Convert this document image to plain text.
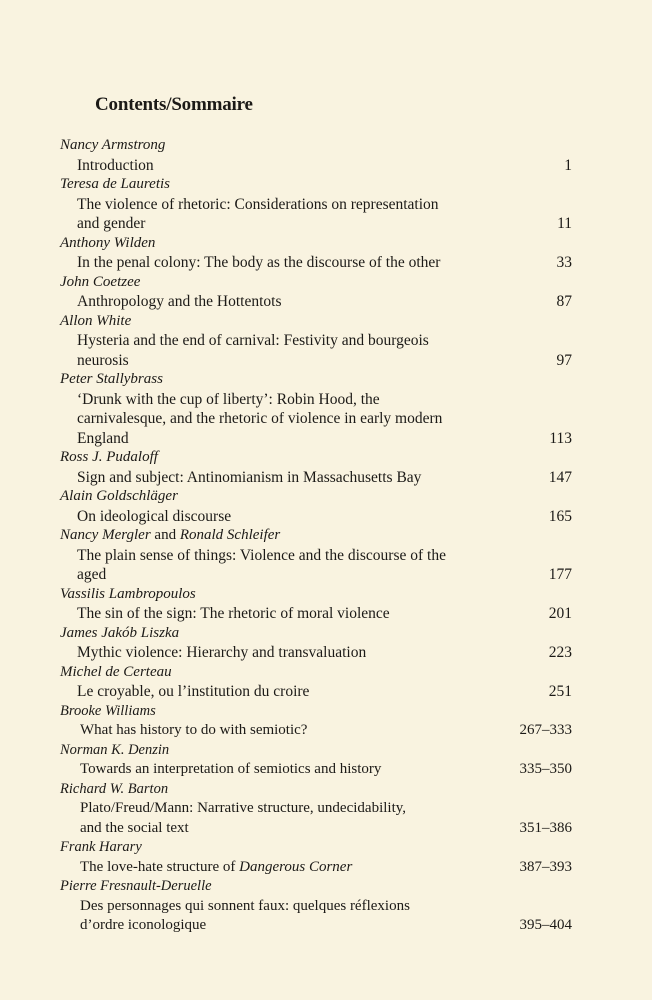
Contents/Sommaire
Nancy Armstrong
Introduction	1
Teresa de Lauretis
The violence of rhetoric: Considerations on representation
and gender	11
Anthony Wilden
In the penal colony: The body as the discourse of the other	33
John Coetzee
Anthropology and the Hottentots	87
Allon White
Hysteria and the end of carnival: Festivity and bourgeois
neurosis	97
Peter Stallybrass
‘Drunk with the cup of liberty’: Robin Hood, the
carnivalesque, and the rhetoric of violence in early modern
England	113
Ross J. Pudaloff
Sign and subject: Antinomianism in Massachusetts Bay	147
Alain Goldschläger
On ideological discourse	165
Nancy Mergler and Ronald Schleifer
The plain sense of things: Violence and the discourse of the
aged	177
Vassilis Lambropoulos
The sin of the sign: The rhetoric of moral violence	201
James Jakób Liszka
Mythic violence: Hierarchy and transvaluation	223
Michel de Certeau
Le croyable, ou l’institution du croire	251
Brooke Williams
What has history to do with semiotic?	267–333
Norman K. Denzin
Towards an interpretation of semiotics and history	335–350
Richard W. Barton
Plato/Freud/Mann: Narrative structure, undecidability,
and the social text	351–386
Frank Harary
The love-hate structure of Dangerous Corner	387–393
Pierre Fresnault-Deruelle
Des personnages qui sonnent faux: quelques réflexions
d’ordre iconologique	395–404
